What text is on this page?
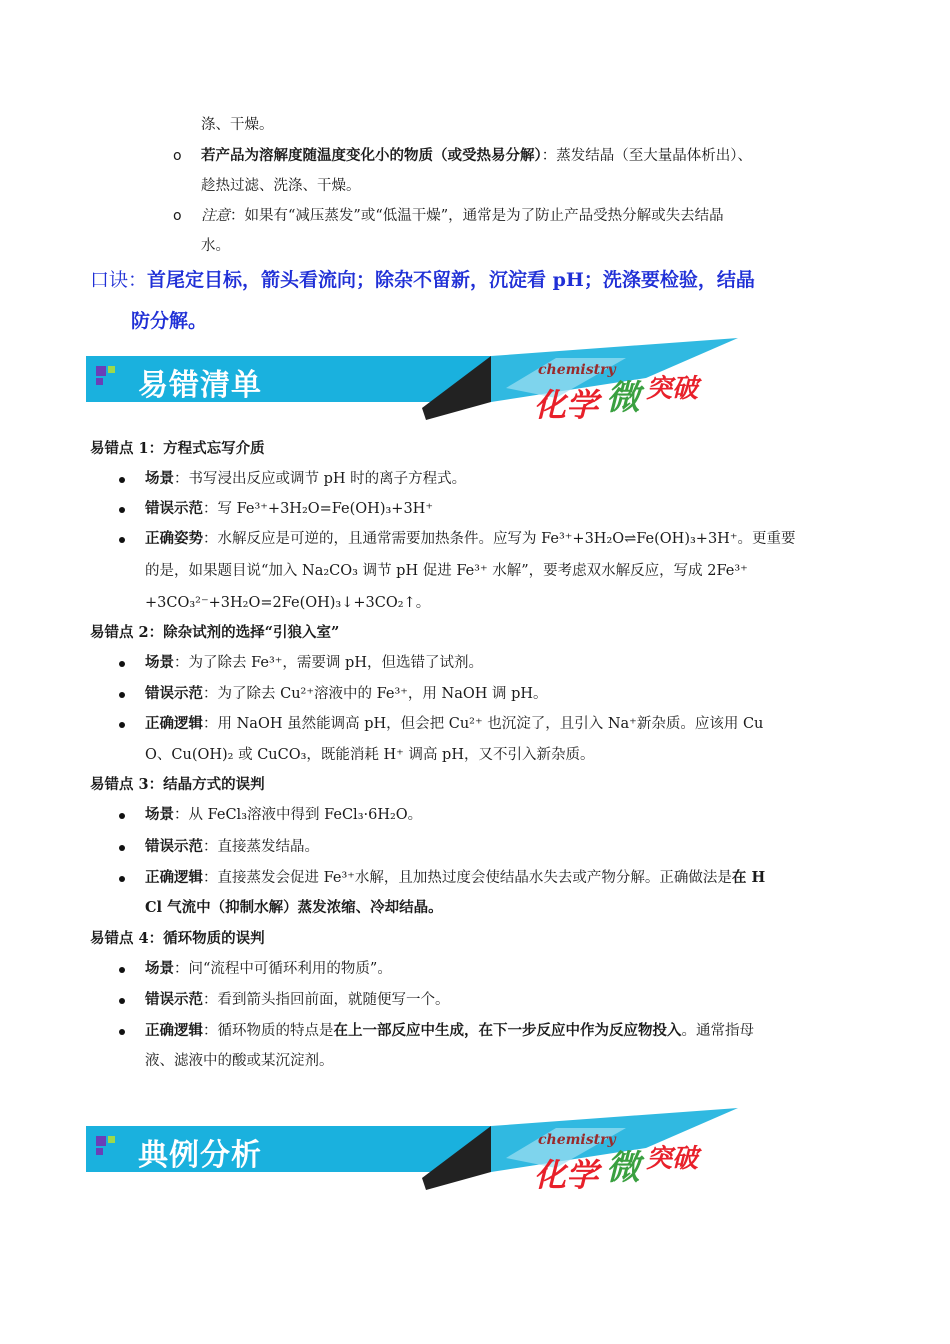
涤、干燥。
o 若产品为溶解度随温度变化小的物质（或受热易分解）：蒸发结晶（至大量晶体析出）、
趁热过滤、洗涤、干燥。
o 注意：如果有“减压蒸发”或“低温干燥”，通常是为了防止产品受热分解或失去结晶
水。
口诀：首尾定目标，箭头看流向；除杂不留新，沉淀看 pH；洗涤要检验，结晶
防分解。
易错清单	chemistry
化学 微 突破
易错点 1：方程式忘写介质
场景：书写浸出反应或调节 pH 时的离子方程式。
错误示范：写 Fe³⁺+3H₂O=Fe(OH)₃+3H⁺
正确姿势：水解反应是可逆的，且通常需要加热条件。应写为 Fe³⁺+3H₂O⇌Fe(OH)₃+3H⁺。更重要
的是，如果题目说“加入 Na₂CO₃ 调节 pH 促进 Fe³⁺ 水解”，要考虑双水解反应，写成 2Fe³⁺
+3CO₃²⁻+3H₂O=2Fe(OH)₃↓+3CO₂↑。
易错点 2：除杂试剂的选择“引狼入室”
场景：为了除去 Fe³⁺，需要调 pH，但选错了试剂。
错误示范：为了除去 Cu²⁺溶液中的 Fe³⁺，用 NaOH 调 pH。
正确逻辑：用 NaOH 虽然能调高 pH，但会把 Cu²⁺ 也沉淀了，且引入 Na⁺新杂质。应该用 Cu
O、Cu(OH)₂ 或 CuCO₃，既能消耗 H⁺ 调高 pH，又不引入新杂质。
易错点 3：结晶方式的误判
场景：从 FeCl₃溶液中得到 FeCl₃·6H₂O。
错误示范：直接蒸发结晶。
正确逻辑：直接蒸发会促进 Fe³⁺水解，且加热过度会使结晶水失去或产物分解。正确做法是在 H
Cl 气流中（抑制水解）蒸发浓缩、冷却结晶。
易错点 4：循环物质的误判
场景：问“流程中可循环利用的物质”。
错误示范：看到箭头指回前面，就随便写一个。
正确逻辑：循环物质的特点是在上一部反应中生成，在下一步反应中作为反应物投入。通常指母
液、滤液中的酸或某沉淀剂。
典例分析	chemistry
化学 微 突破
